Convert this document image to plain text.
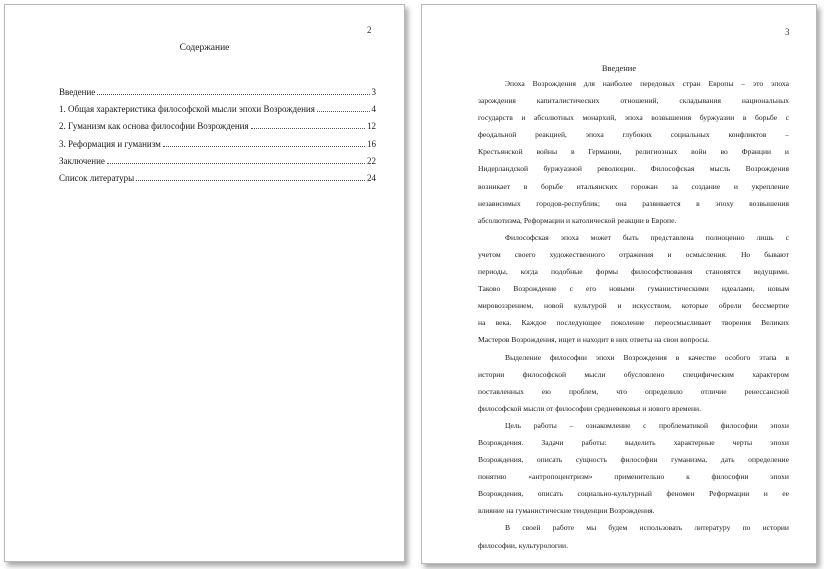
2
Содержание
Введение	3
1. Общая характеристика философской мысли эпохи Возрождения	4
2. Гуманизм как основа философии Возрождения	12
3. Реформация и гуманизм	16
Заключение	22
Список литературы	24
3
Введение
Эпоха Возрождения для наиболее передовых стран Европы – это эпоха
зарождения капиталистических отношений, складывания национальных
государств и абсолютных монархий, эпоха возвышения буржуазии в борьбе с
феодальной реакцией, эпоха глубоких социальных конфликтов –
Крестьянской войны в Германии, религиозных войн во Франции и
Нидерландской буржуазной революции. Философская мысль Возрождения
возникает в борьбе итальянских горожан за создание и укрепление
независимых городов-республик; она развивается в эпоху возвышения
абсолютизма, Реформации и католической реакции в Европе.
Философская эпоха может быть представлена полноценно лишь с
учетом своего художественного отражения и осмысления. Но бывают
периоды, когда подобные формы философствования становятся ведущими.
Таково Возрождение с его новыми гуманистическими идеалами, новым
мировоззрением, новой культурой и искусством, которые обрели бессмертие
на века. Каждое последующее поколение переосмысливает творения Великих
Мастеров Возрождения, ищет и находит в них ответы на свои вопросы.
Выделение философии эпохи Возрождения в качестве особого этапа в
истории философской мысли обусловлено специфическим характером
поставленных ею проблем, что определило отличие ренессансной
философской мысли от философии средневековья и нового времени.
Цель работы – ознакомление с проблематикой философии эпохи
Возрождения. Задачи работы: выделить характерные черты эпохи
Возрождения, описать сущность философии гуманизма, дать определение
понятию «антропоцентризм» применительно к философии эпохи
Возрождения, описать социально-культурный феномен Реформации и ее
влияние на гуманистические тенденции Возрождения.
В своей работе мы будем использовать литературу по истории
философии, культурологии.
